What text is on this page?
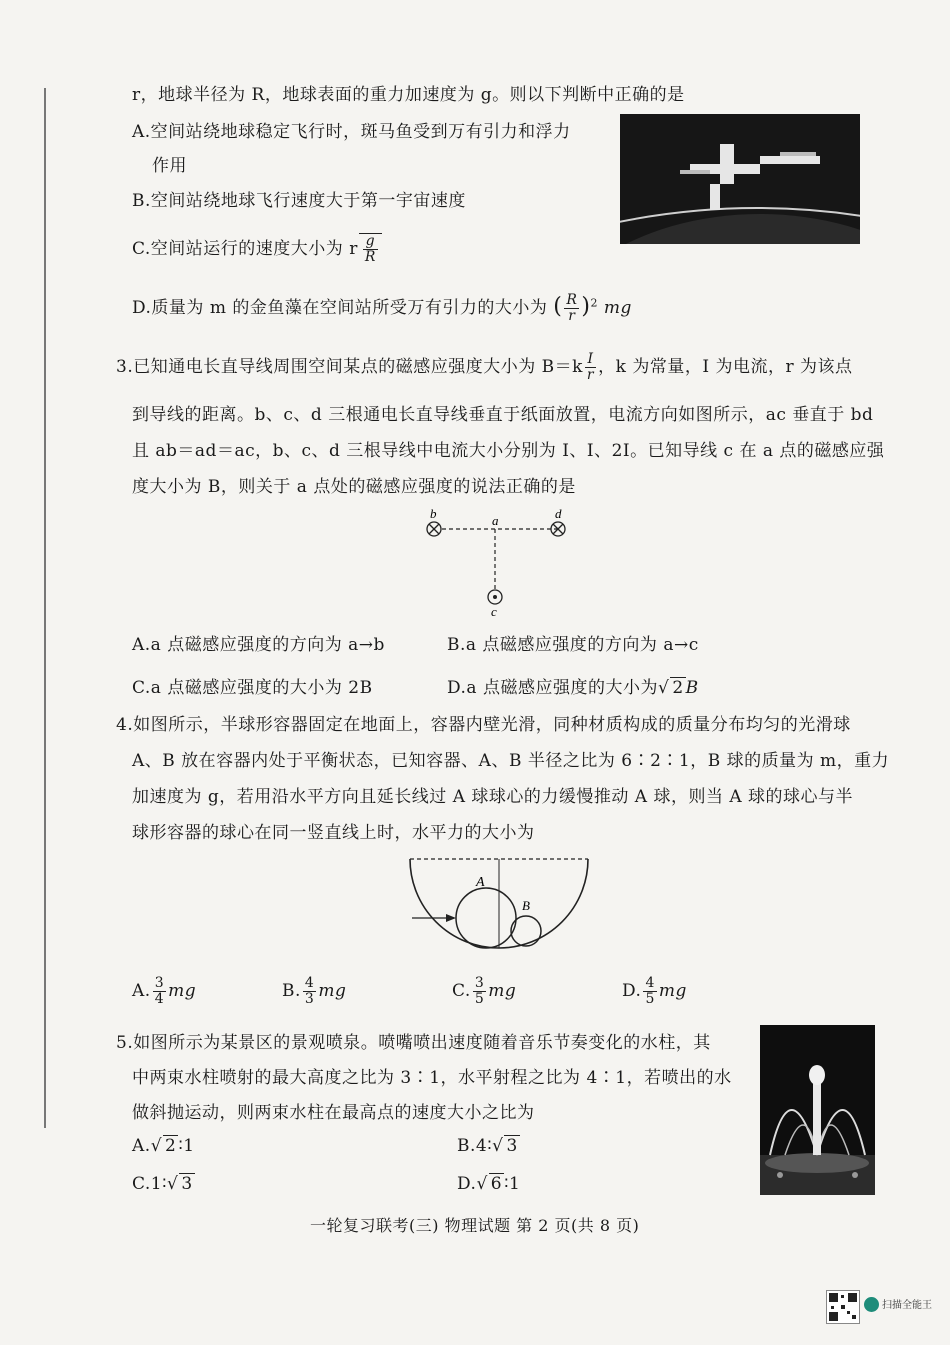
r，地球半径为 R，地球表面的重力加速度为 g。则以下判断中正确的是
A.空间站绕地球稳定飞行时，斑马鱼受到万有引力和浮力
作用
B.空间站绕地球飞行速度大于第一宇宙速度
C.空间站运行的速度大小为 r $\frac{g}{R}$
D.质量为 m 的金鱼藻在空间站所受万有引力的大小为 ( $\frac{R}{r} )^2$ mg
3.已知通电长直导线周围空间某点的磁感应强度大小为 $B=k \frac{I}{r}$ ，k 为常量，I 为电流，r 为该点
到导线的距离。b、c、d 三根通电长直导线垂直于纸面放置，电流方向如图所示，ac 垂直于 bd
且 ab＝ad＝ac，b、c、d 三根导线中电流大小分别为 I、I、2I。已知导线 c 在 a 点的磁感应强
度大小为 B，则关于 a 点处的磁感应强度的说法正确的是
b	a	d
c
A.a 点磁感应强度的方向为 a→b	B.a 点磁感应强度的方向为 a→c
C.a 点磁感应强度的大小为 2B	D.a 点磁感应强度的大小为√ 2 B
4.如图所示，半球形容器固定在地面上，容器内壁光滑，同种材质构成的质量分布均匀的光滑球
A、B 放在容器内处于平衡状态，已知容器、A、B 半径之比为 6∶2∶1，B 球的质量为 m，重力
加速度为 g，若用沿水平方向且延长线过 A 球球心的力缓慢推动 A 球，则当 A 球的球心与半
球形容器的球心在同一竖直线上时，水平力的大小为
A
B
A. $\frac{3}{4}$ mg	B. $\frac{4}{3}$ mg	C. $\frac{3}{5}$ mg	D. $\frac{4}{5}$ mg
5.如图所示为某景区的景观喷泉。喷嘴喷出速度随着音乐节奏变化的水柱，其
中两束水柱喷射的最大高度之比为 3∶1，水平射程之比为 4∶1，若喷出的水
做斜抛运动，则两束水柱在最高点的速度大小之比为
A.√ 2 ∶1	B.4∶√ 3
C.1∶√ 3	D.√ 6 ∶1
一轮复习联考(三) 物理试题 第 2 页(共 8 页)
扫描全能王
